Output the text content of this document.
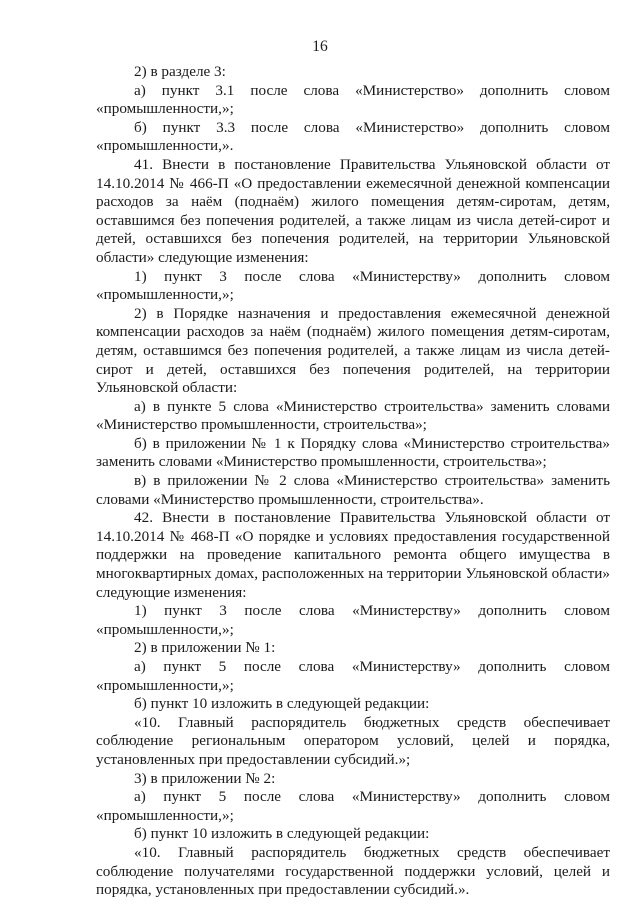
16

2) в разделе 3:

а) пункт 3.1 после слова «Министерство» дополнить словом «промышленности,»;

б) пункт 3.3 после слова «Министерство» дополнить словом «промышленности,».

41. Внести в постановление Правительства Ульяновской области от 14.10.2014 № 466-П «О предоставлении ежемесячной денежной компенсации расходов за наём (поднаём) жилого помещения детям-сиротам, детям, оставшимся без попечения родителей, а также лицам из числа детей-сирот и детей, оставшихся без попечения родителей, на территории Ульяновской области» следующие изменения:

1) пункт 3 после слова «Министерству» дополнить словом «промышленности,»;

2) в Порядке назначения и предоставления ежемесячной денежной компенсации расходов за наём (поднаём) жилого помещения детям-сиротам, детям, оставшимся без попечения родителей, а также лицам из числа детей-сирот и детей, оставшихся без попечения родителей, на территории Ульяновской области:

а) в пункте 5 слова «Министерство строительства» заменить словами «Министерство промышленности, строительства»;

б) в приложении № 1 к Порядку слова «Министерство строительства» заменить словами «Министерство промышленности, строительства»;

в) в приложении № 2 слова «Министерство строительства» заменить словами «Министерство промышленности, строительства».

42. Внести в постановление Правительства Ульяновской области от 14.10.2014 № 468-П «О порядке и условиях предоставления государственной поддержки на проведение капитального ремонта общего имущества в многоквартирных домах, расположенных на территории Ульяновской области» следующие изменения:

1) пункт 3 после слова «Министерству» дополнить словом «промышленности,»;

2) в приложении № 1:

а) пункт 5 после слова «Министерству» дополнить словом «промышленности,»;

б) пункт 10 изложить в следующей редакции:

«10. Главный распорядитель бюджетных средств обеспечивает соблюдение региональным оператором условий, целей и порядка, установленных при предоставлении субсидий.»;

3) в приложении № 2:

а) пункт 5 после слова «Министерству» дополнить словом «промышленности,»;

б) пункт 10 изложить в следующей редакции:

«10. Главный распорядитель бюджетных средств обеспечивает соблюдение получателями государственной поддержки условий, целей и порядка, установленных при предоставлении субсидий.».
